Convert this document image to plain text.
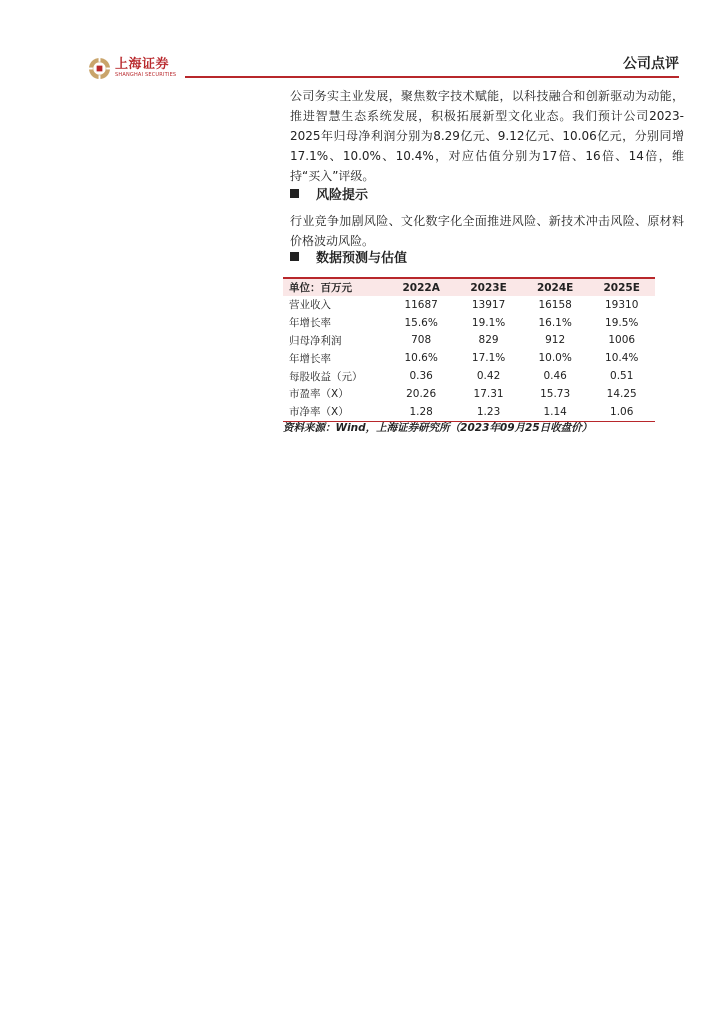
上海证券
SHANGHAI SECURITIES
公司点评
公司务实主业发展，聚焦数字技术赋能，以科技融合和创新驱动为动能，推进智慧生态系统发展，积极拓展新型文化业态。我们预计公司2023-2025年归母净利润分别为8.29亿元、9.12亿元、10.06亿元，分别同增17.1%、10.0%、10.4%，对应估值分别为17倍、16倍、14倍，维持“买入”评级。
风险提示
行业竞争加剧风险、文化数字化全面推进风险、新技术冲击风险、原材料价格波动风险。
数据预测与估值
单位：百万元	2022A	2023E	2024E	2025E
营业收入	11687	13917	16158	19310
年增长率	15.6%	19.1%	16.1%	19.5%
归母净利润	708	829	912	1006
年增长率	10.6%	17.1%	10.0%	10.4%
每股收益（元）	0.36	0.42	0.46	0.51
市盈率（X）	20.26	17.31	15.73	14.25
市净率（X）	1.28	1.23	1.14	1.06
资料来源：Wind，上海证券研究所（2023年09月25日收盘价）
